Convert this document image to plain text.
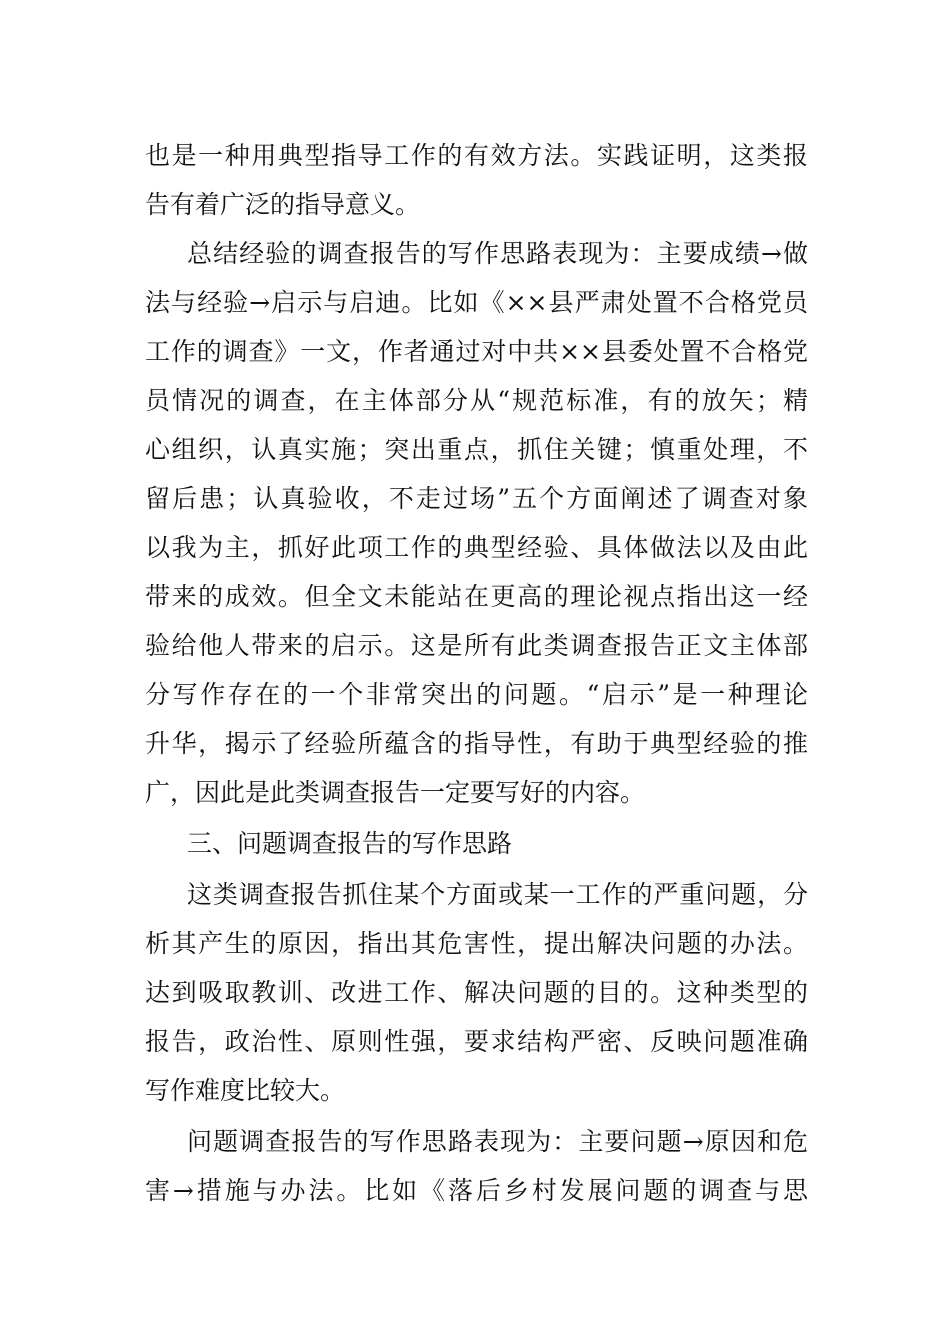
也是一种用典型指导工作的有效方法。实践证明，这类报
告有着广泛的指导意义。
总结经验的调查报告的写作思路表现为：主要成绩→做
法与经验→启示与启迪。比如《××县严肃处置不合格党员
工作的调查》一文，作者通过对中共××县委处置不合格党
员情况的调查，在主体部分从“规范标准，有的放矢；精
心组织，认真实施；突出重点，抓住关键；慎重处理，不
留后患；认真验收，不走过场”五个方面阐述了调查对象
以我为主，抓好此项工作的典型经验、具体做法以及由此
带来的成效。但全文未能站在更高的理论视点指出这一经
验给他人带来的启示。这是所有此类调查报告正文主体部
分写作存在的一个非常突出的问题。“启示”是一种理论
升华，揭示了经验所蕴含的指导性，有助于典型经验的推
广，因此是此类调查报告一定要写好的内容。
三、问题调查报告的写作思路
这类调查报告抓住某个方面或某一工作的严重问题，分
析其产生的原因，指出其危害性，提出解决问题的办法。
达到吸取教训、改进工作、解决问题的目的。这种类型的
报告，政治性、原则性强，要求结构严密、反映问题准确
写作难度比较大。
问题调查报告的写作思路表现为：主要问题→原因和危
害→措施与办法。比如《落后乡村发展问题的调查与思
